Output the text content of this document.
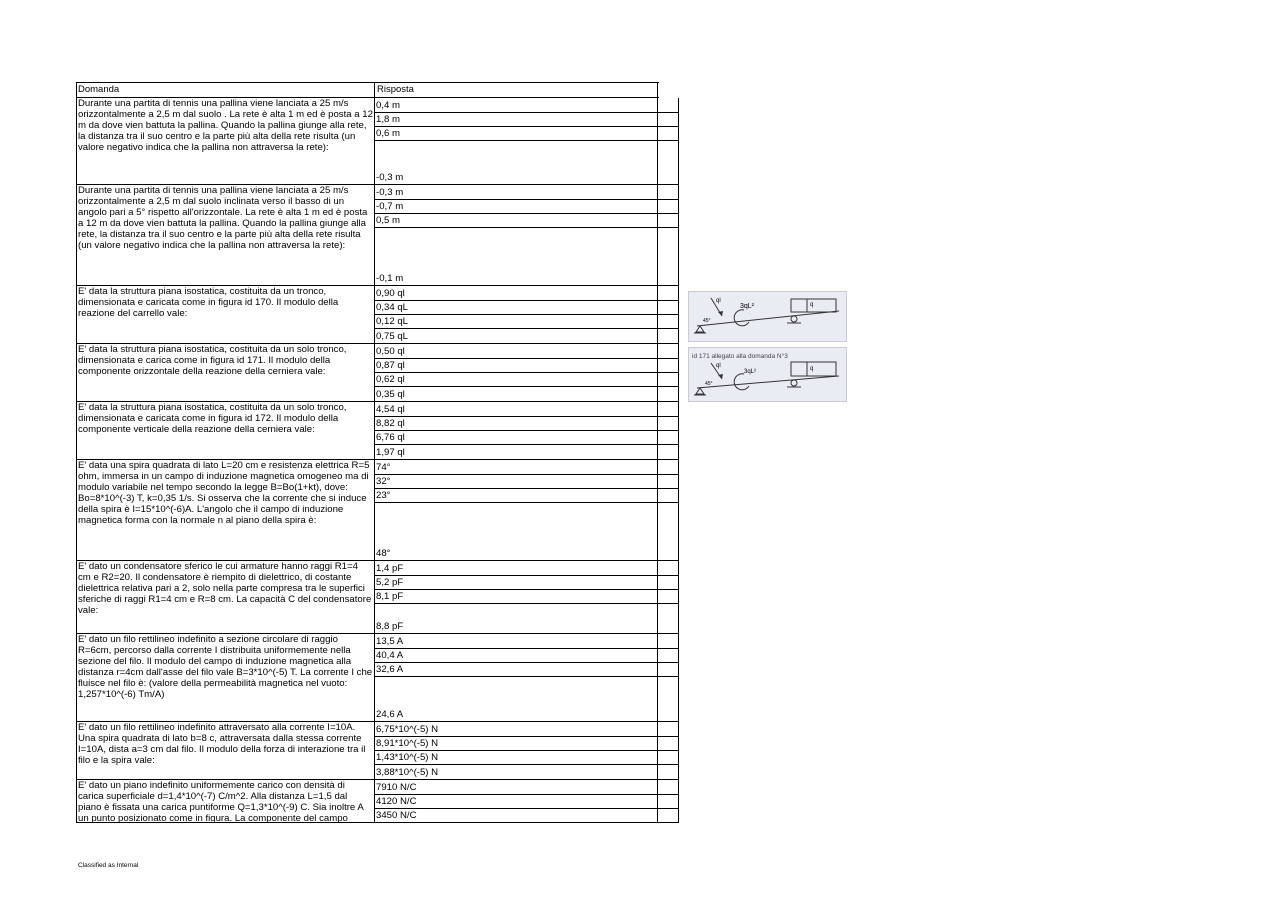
Domanda	Risposta
Durante una partita di tennis una pallina viene lanciata a 25 m/s orizzontalmente a 2,5 m dal suolo . La rete è alta 1 m ed è posta a 12 m da dove vien battuta la pallina. Quando la pallina giunge alla rete, la distanza tra il suo centro e la parte più alta della rete risulta (un valore negativo indica che la pallina non attraversa la rete):
0,4 m
1,8 m
0,6 m
-0,3 m
Durante una partita di tennis una pallina viene lanciata a 25 m/s orizzontalmente a 2,5 m dal suolo inclinata verso il basso di un angolo pari a 5° rispetto all'orizzontale. La rete è alta 1 m ed è posta a 12 m da dove vien battuta la pallina. Quando la pallina giunge alla rete, la distanza tra il suo centro e la parte più alta della rete risulta (un valore negativo indica che la pallina non attraversa la rete):
-0,3 m
-0,7 m
0,5 m
-0,1 m
E' data la struttura piana isostatica, costituita da un tronco, dimensionata e caricata come in figura id 170. Il modulo della reazione del carrello vale:
0,90 ql
0,34 qL
0,12 qL
0,75 qL
E' data la struttura piana isostatica, costituita da un solo tronco, dimensionata e carica come in figura id 171. Il modulo della componente orizzontale della reazione della cerniera vale:
0,50 ql
0,87 ql
0,62 ql
0,35 ql
E' data la struttura piana isostatica, costituita da un solo tronco, dimensionata e caricata come in figura id 172. Il modulo della componente verticale della reazione della cerniera vale:
4,54 ql
8,82 ql
6,76 ql
1,97 ql
E' data una spira quadrata di lato L=20 cm e resistenza elettrica R=5 ohm, immersa in un campo di induzione magnetica omogeneo ma di modulo variabile nel tempo secondo la legge B=Bo(1+kt), dove: Bo=8*10^(-3) T, k=0,35 1/s. Si osserva che la corrente che si induce della spira è I=15*10^(-6)A. L'angolo che il campo di induzione magnetica forma con la normale n al piano della spira è:
74°
32°
23°
48°
E' dato un condensatore sferico le cui armature hanno raggi R1=4 cm e R2=20. Il condensatore è riempito di dielettrico, di costante dielettrica relativa pari a 2, solo nella parte compresa tra le superfici sferiche di raggi R1=4 cm e R=8 cm. La capacità C del condensatore vale:
1,4 pF
5,2 pF
8,1 pF
8,8 pF
E' dato un filo rettilineo indefinito a sezione circolare di raggio R=6cm, percorso dalla corrente I distribuita uniformemente nella sezione del filo. Il modulo del campo di induzione magnetica alla distanza r=4cm dall'asse del filo vale B=3*10^(-5) T. La corrente I che fluisce nel filo è: (valore della permeabilità magnetica nel vuoto: 1,257*10^(-6) Tm/A)
13,5 A
40,4 A
32,6 A
24,6 A
E' dato un filo rettilineo indefinito attraversato alla corrente I=10A. Una spira quadrata di lato b=8 c, attraversata dalla stessa corrente I=10A, dista a=3 cm dal filo. Il modulo della forza di interazione tra il filo e la spira vale:
6,75*10^(-5) N
8,91*10^(-5) N
1,43*10^(-5) N
3,88*10^(-5) N
E' dato un piano indefinito uniformemente carico con densità di carica superficiale d=1,4*10^(-7) C/m^2. Alla distanza L=1,5 dal piano è fissata una carica puntiforme Q=1,3*10^(-9) C. Sia inoltre A un punto posizionato come in figura. La componente del campo
7910 N/C
4120 N/C
3450 N/C
ql
3qL²	q
45°
id 171 allegato alla domanda N°3
ql
3qL²	q
45°
Classified as Internal
